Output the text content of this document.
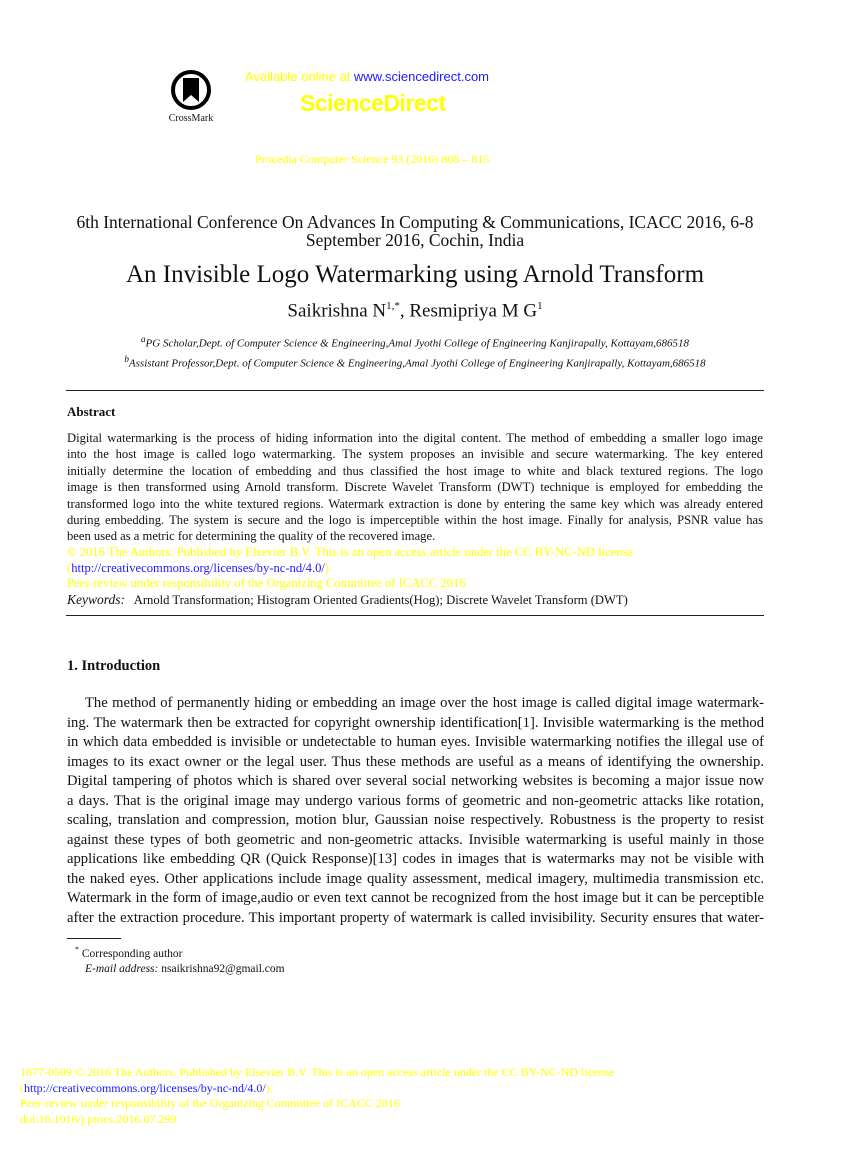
CrossMark
Available online at www.sciencedirect.com
ScienceDirect
Procedia Computer Science 93 (2016) 808 – 815
6th International Conference On Advances In Computing & Communications, ICACC 2016, 6-8
September 2016, Cochin, India
An Invisible Logo Watermarking using Arnold Transform
Saikrishna $N^{1,*}$, Resmipriya M $G^1$
$^a$PG Scholar,Dept. of Computer Science & Engineering,Amal Jyothi College of Engineering Kanjirapally, Kottayam,686518
$^b$Assistant Professor,Dept. of Computer Science & Engineering,Amal Jyothi College of Engineering Kanjirapally, Kottayam,686518
Abstract
Digital watermarking is the process of hiding information into the digital content. The method of embedding a smaller logo image
into the host image is called logo watermarking. The system proposes an invisible and secure watermarking. The key entered
initially determine the location of embedding and thus classified the host image to white and black textured regions. The logo
image is then transformed using Arnold transform. Discrete Wavelet Transform (DWT) technique is employed for embedding the
transformed logo into the white textured regions. Watermark extraction is done by entering the same key which was already entered
during embedding. The system is secure and the logo is imperceptible within the host image. Finally for analysis, PSNR value has
been used as a metric for determining the quality of the recovered image.
© 2016 The Authors. Published by Elsevier B.V. This is an open access article under the CC BY-NC-ND license
(http://creativecommons.org/licenses/by-nc-nd/4.0/).
Peer-review under responsibility of the Organizing Committee of ICACC 2016
Keywords: Arnold Transformation; Histogram Oriented Gradients(Hog); Discrete Wavelet Transform (DWT)
1. Introduction
The method of permanently hiding or embedding an image over the host image is called digital image watermark-
ing. The watermark then be extracted for copyright ownership identification[1]. Invisible watermarking is the method
in which data embedded is invisible or undetectable to human eyes. Invisible watermarking notifies the illegal use of
images to its exact owner or the legal user. Thus these methods are useful as a means of identifying the ownership.
Digital tampering of photos which is shared over several social networking websites is becoming a major issue now
a days. That is the original image may undergo various forms of geometric and non-geometric attacks like rotation,
scaling, translation and compression, motion blur, Gaussian noise respectively. Robustness is the property to resist
against these types of both geometric and non-geometric attacks. Invisible watermarking is useful mainly in those
applications like embedding QR (Quick Response)[13] codes in images that is watermarks may not be visible with
the naked eyes. Other applications include image quality assessment, medical imagery, multimedia transmission etc.
Watermark in the form of image,audio or even text cannot be recognized from the host image but it can be perceptible
after the extraction procedure. This important property of watermark is called invisibility. Security ensures that water-
* Corresponding author
E-mail address: nsaikrishna92@gmail.com
1877-0509 © 2016 The Authors. Published by Elsevier B.V. This is an open access article under the CC BY-NC-ND license
(http://creativecommons.org/licenses/by-nc-nd/4.0/).
Peer-review under responsibility of the Organizing Committee of ICACC 2016
doi:10.1016/j.procs.2016.07.299
